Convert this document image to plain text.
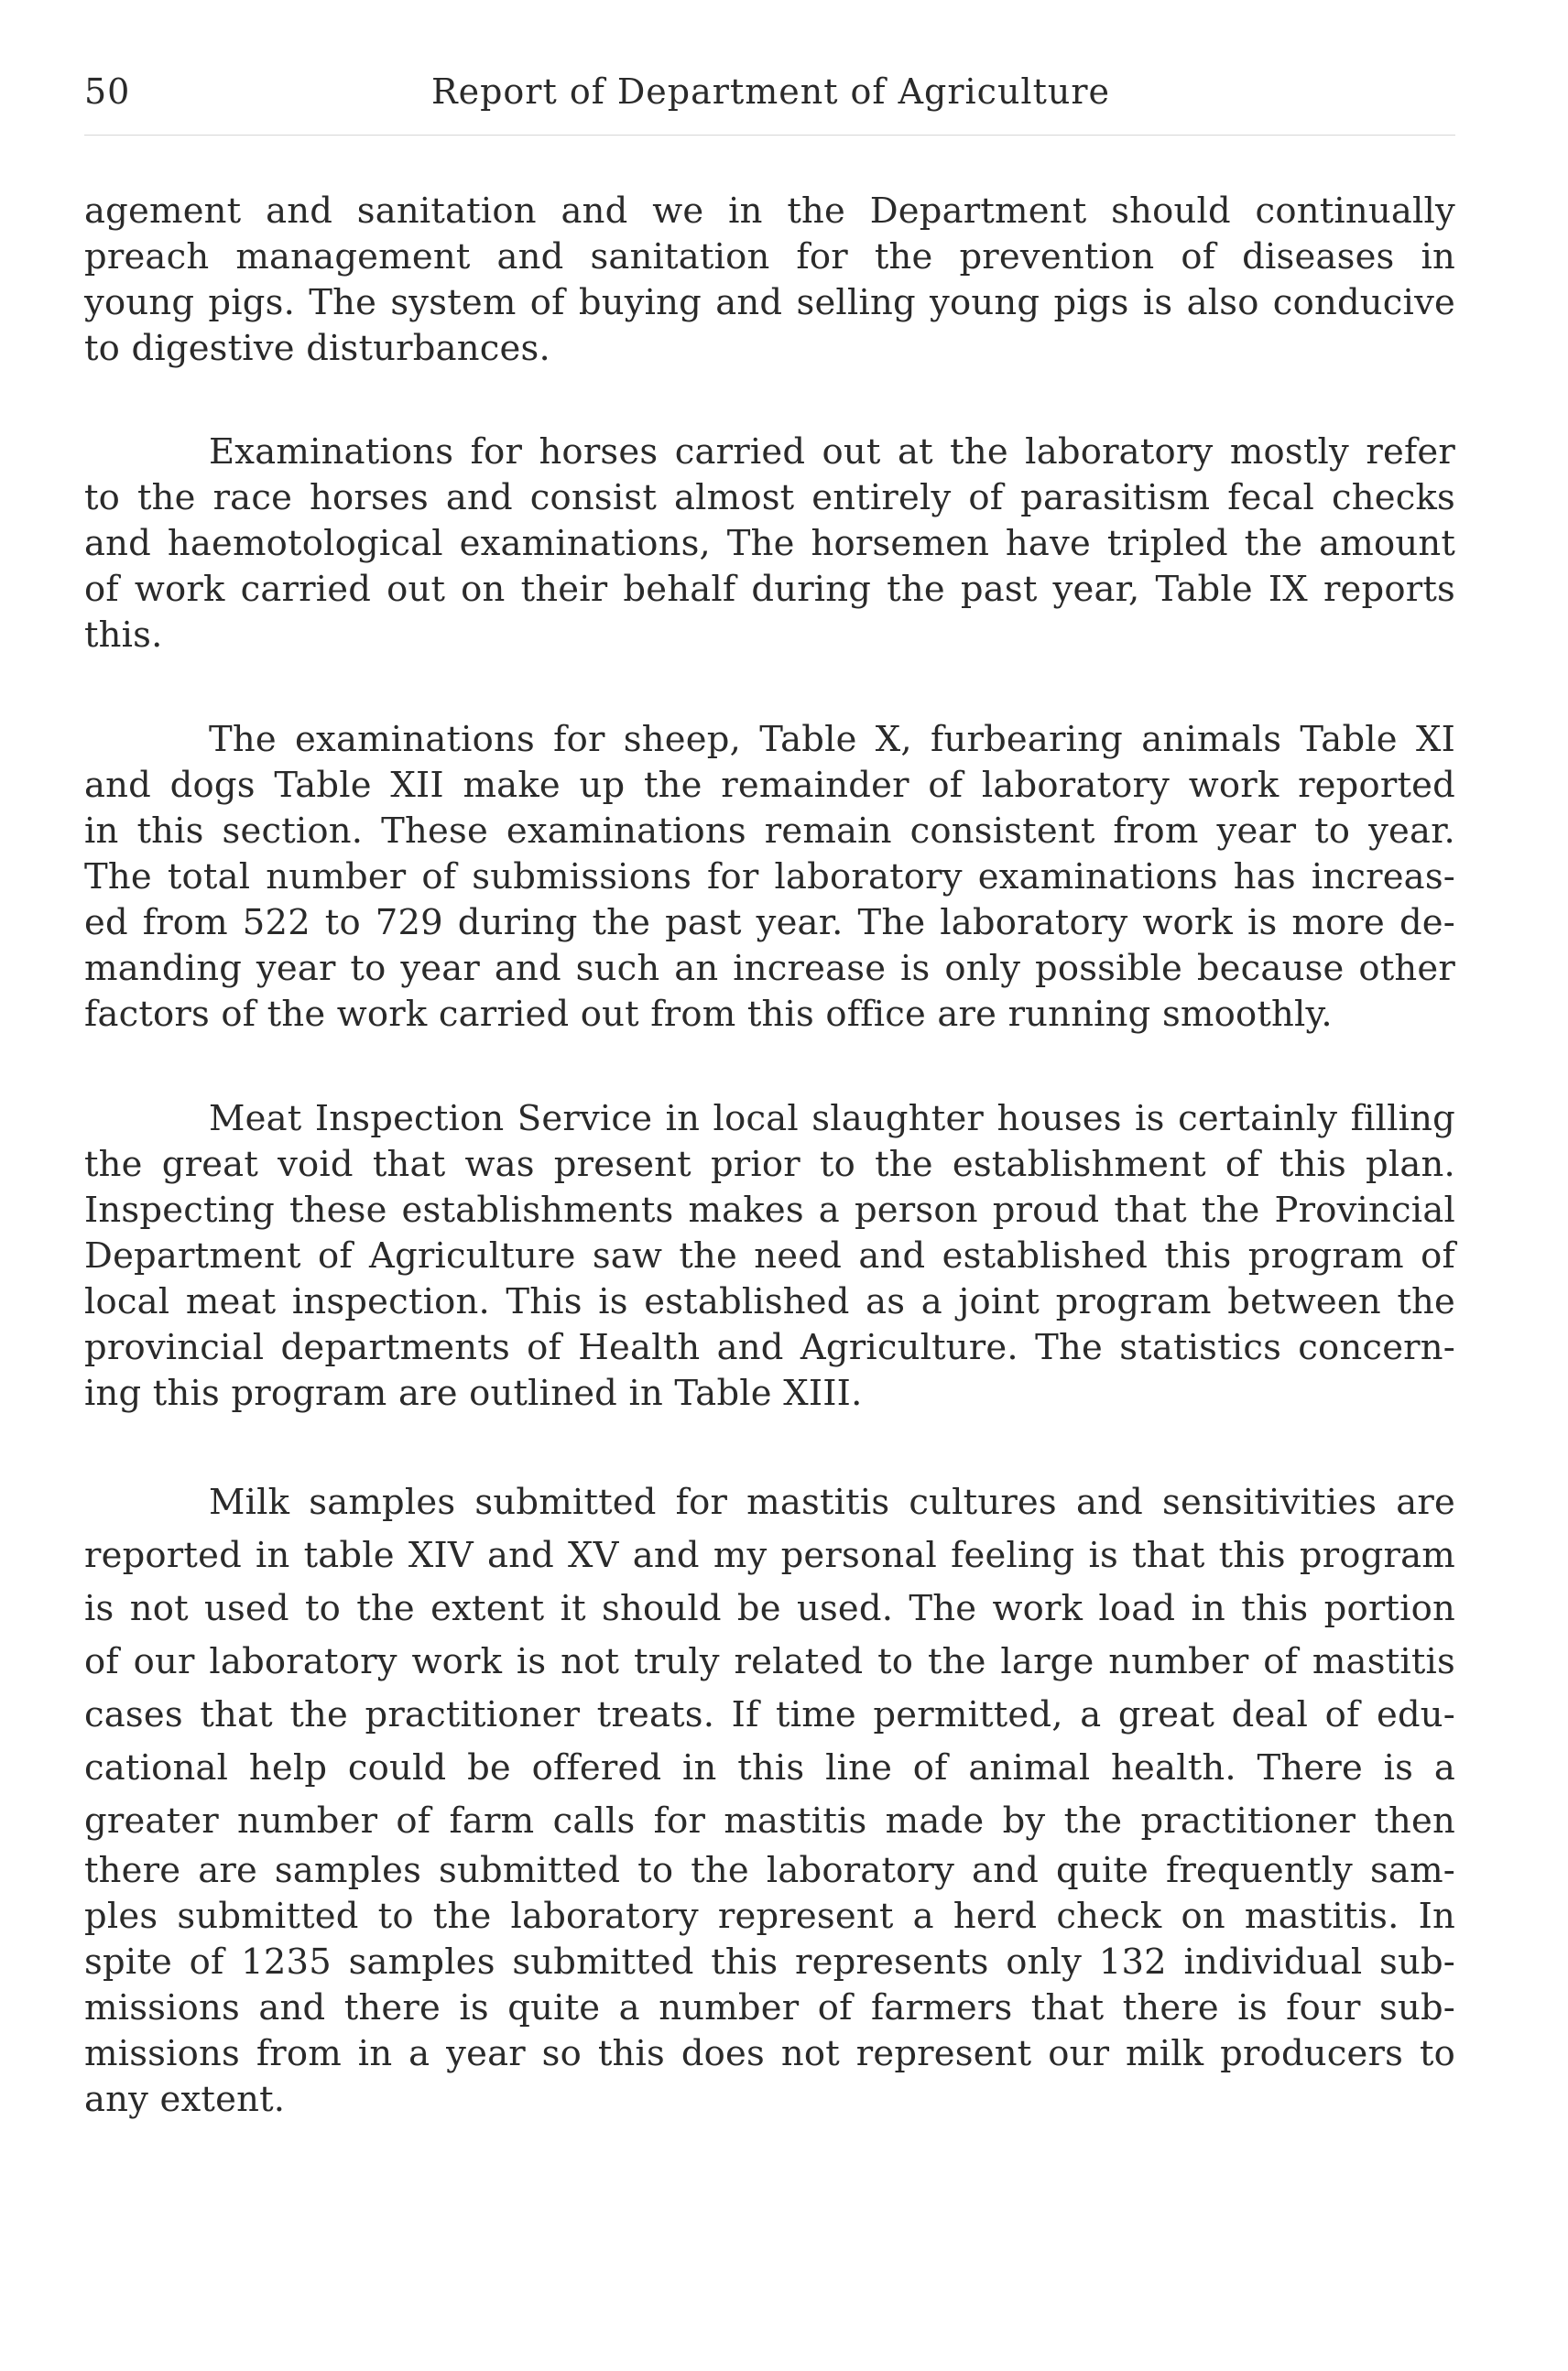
50	Report of Department of Agriculture

agement and sanitation and we in the Department should continually
preach management and sanitation for the prevention of diseases in
young pigs. The system of buying and selling young pigs is also conducive
to digestive disturbances.

Examinations for horses carried out at the laboratory mostly refer
to the race horses and consist almost entirely of parasitism fecal checks
and haemotological examinations, The horsemen have tripled the amount
of work carried out on their behalf during the past year, Table IX reports
this.

The examinations for sheep, Table X, furbearing animals Table XI
and dogs Table XII make up the remainder of laboratory work reported
in this section. These examinations remain consistent from year to year.
The total number of submissions for laboratory examinations has increas-
ed from 522 to 729 during the past year. The laboratory work is more de-
manding year to year and such an increase is only possible because other
factors of the work carried out from this office are running smoothly.

Meat Inspection Service in local slaughter houses is certainly filling
the great void that was present prior to the establishment of this plan.
Inspecting these establishments makes a person proud that the Provincial
Department of Agriculture saw the need and established this program of
local meat inspection. This is established as a joint program between the
provincial departments of Health and Agriculture. The statistics concern-
ing this program are outlined in Table XIII.

Milk samples submitted for mastitis cultures and sensitivities are
reported in table XIV and XV and my personal feeling is that this program
is not used to the extent it should be used. The work load in this portion
of our laboratory work is not truly related to the large number of mastitis
cases that the practitioner treats. If time permitted, a great deal of edu-
cational help could be offered in this line of animal health. There is a
greater number of farm calls for mastitis made by the practitioner then
there are samples submitted to the laboratory and quite frequently sam-
ples submitted to the laboratory represent a herd check on mastitis. In
spite of 1235 samples submitted this represents only 132 individual sub-
missions and there is quite a number of farmers that there is four sub-
missions from in a year so this does not represent our milk producers to
any extent.
